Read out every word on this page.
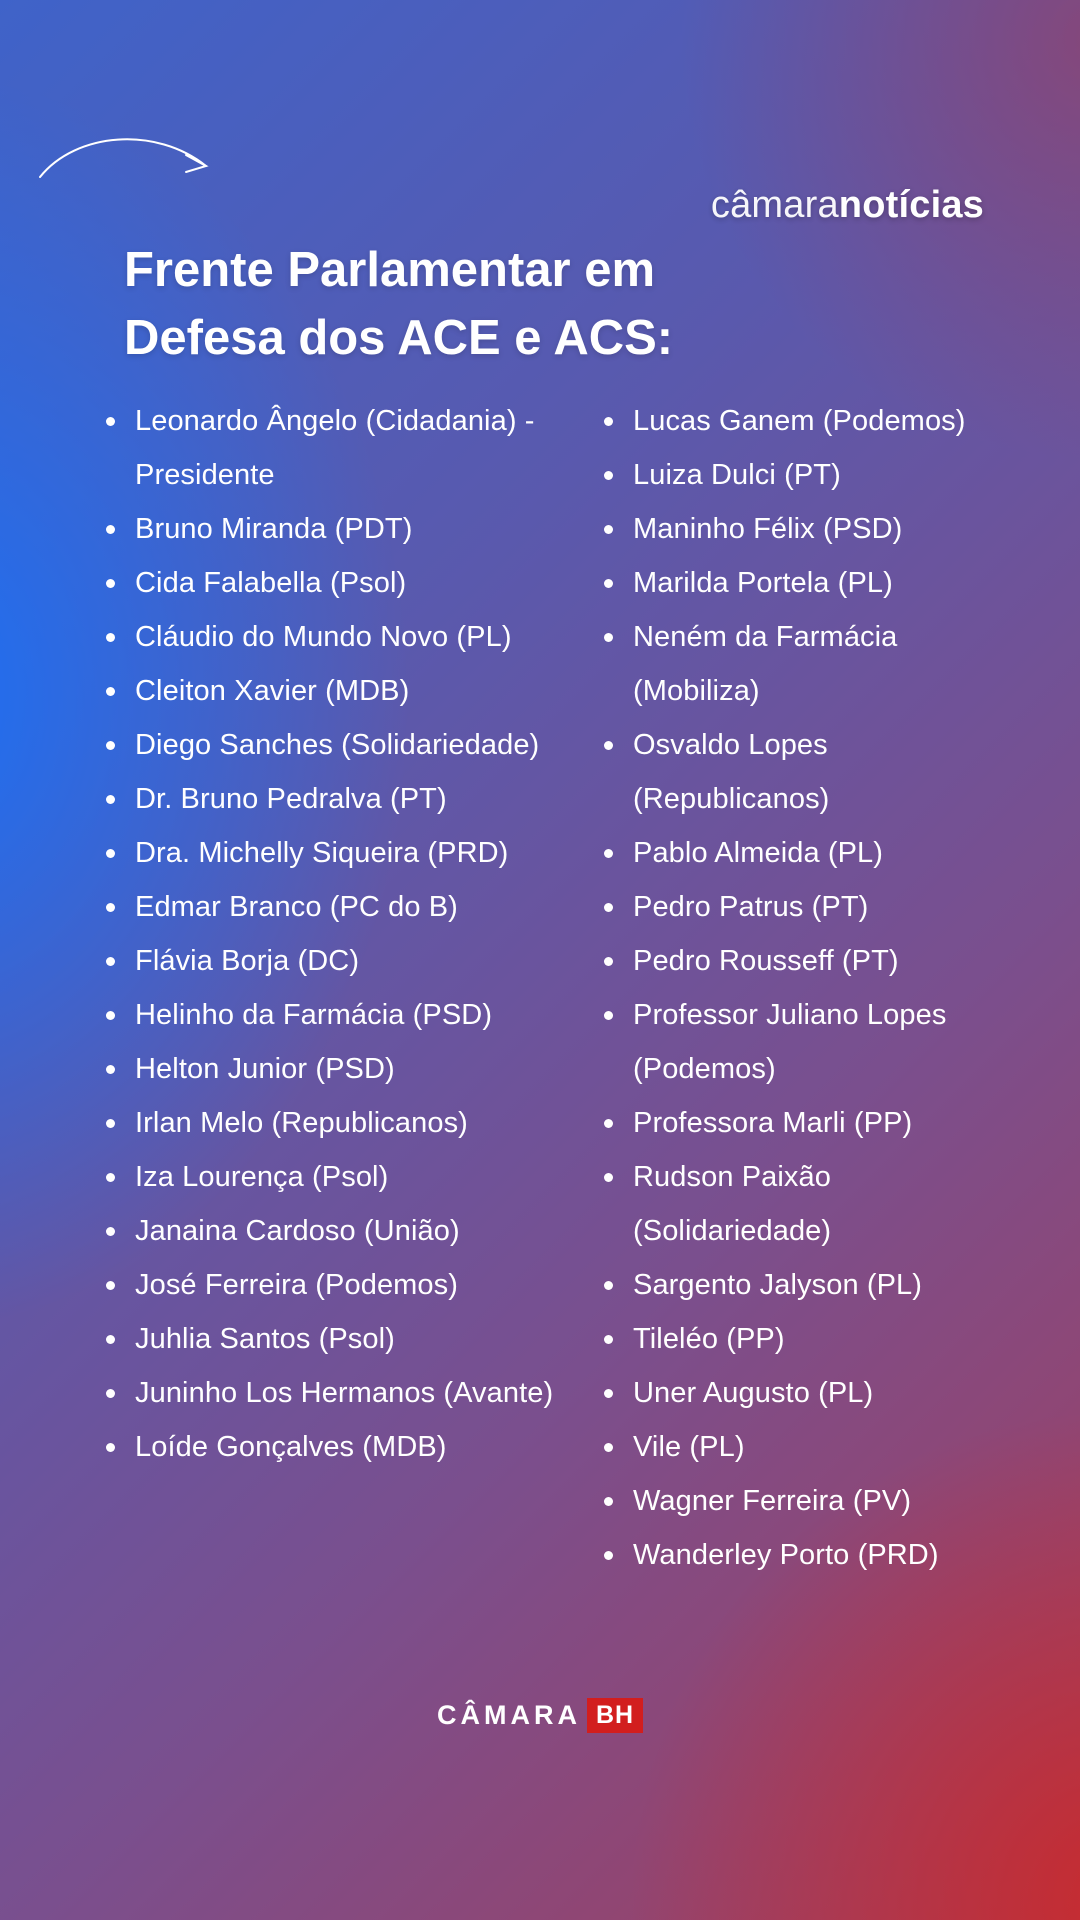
câmaranotícias
Frente Parlamentar em
Defesa dos ACE e ACS:
Leonardo Ângelo (Cidadania) - Presidente
Bruno Miranda (PDT)
Cida Falabella (Psol)
Cláudio do Mundo Novo (PL)
Cleiton Xavier (MDB)
Diego Sanches (Solidariedade)
Dr. Bruno Pedralva (PT)
Dra. Michelly Siqueira (PRD)
Edmar Branco (PC do B)
Flávia Borja (DC)
Helinho da Farmácia (PSD)
Helton Junior (PSD)
Irlan Melo (Republicanos)
Iza Lourença (Psol)
Janaina Cardoso (União)
José Ferreira (Podemos)
Juhlia Santos (Psol)
Juninho Los Hermanos (Avante)
Loíde Gonçalves (MDB)
Lucas Ganem (Podemos)
Luiza Dulci (PT)
Maninho Félix (PSD)
Marilda Portela (PL)
Neném da Farmácia (Mobiliza)
Osvaldo Lopes (Republicanos)
Pablo Almeida (PL)
Pedro Patrus (PT)
Pedro Rousseff (PT)
Professor Juliano Lopes (Podemos)
Professora Marli (PP)
Rudson Paixão (Solidariedade)
Sargento Jalyson (PL)
Tileléo (PP)
Uner Augusto (PL)
Vile (PL)
Wagner Ferreira (PV)
Wanderley Porto (PRD)
CÂMARA BH
